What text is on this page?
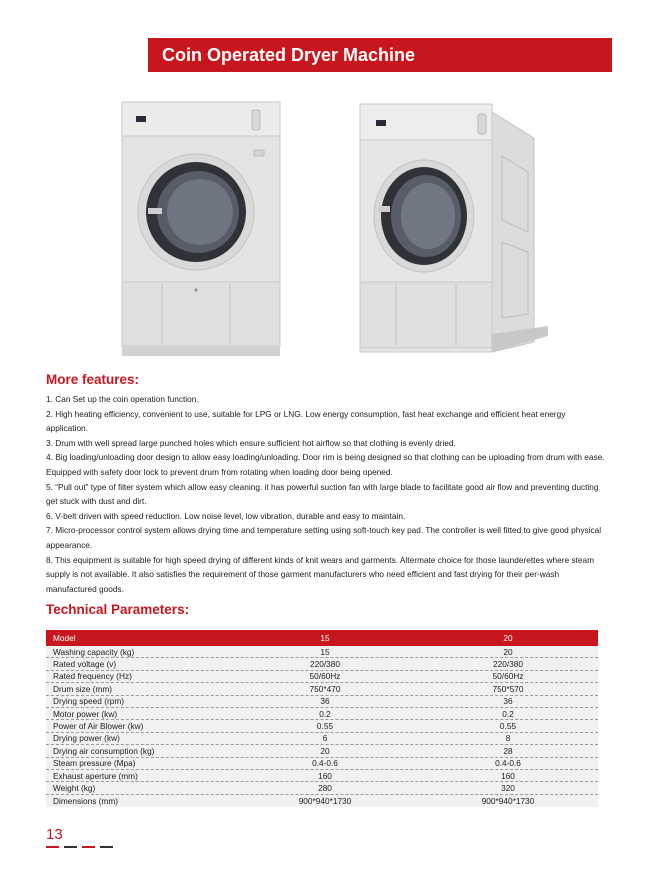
Coin Operated Dryer Machine
More features:

1. Can Set up the coin operation function.

2. High heating efficiency, convenient to use, suitable for LPG or LNG. Low energy consumption, fast heat exchange and efficient heat energy application.

3. Drum with well spread large punched holes which ensure sufficient hot airflow so that clothing is evenly dried.

4. Big loading/unloading door design to allow easy loading/unloading. Door rim is being designed so that clothing can be uploading from drum with ease. Equipped with safety door lock to prevent drum from rotating when loading door being opened.

5. “Pull out” type of filter system which allow easy cleaning. it has powerful suction fan with large blade to facilitate good air flow and preventing ducting get stuck with dust and dirt.

6. V-belt driven with speed reduction. Low noise level, low vibration, durable and easy to maintain.

7. Micro-processor control system allows drying time and temperature setting using soft-touch key pad. The controller is well fitted to give good physical appearance.

8. This equipment is suitable for high speed drying of different kinds of knit wears and garments. Altermate choice for those launderettes where steam supply is not available. It also satisfies the requirement of those garment manufacturers who need efficient and fast drying for their per-wash manufactured goods.

Technical Parameters:
Model	15	20
Washing capacity (kg)	15	20
Rated voltage (v)	220/380	220/380
Rated frequency (Hz)	50/60Hz	50/60Hz
Drum size (mm)	750*470	750*570
Drying speed (rpm)	36	36
Motor power (kw)	0.2	0.2
Power of Air Blower (kw)	0.55	0.55
Drying power (kw)	6	8
Drying air consumption (kg)	20	28
Steam pressure (Mpa)	0.4-0.6	0.4-0.6
Exhaust aperture (mm)	160	160
Weight (kg)	280	320
Dimensions (mm)	900*940*1730	900*940*1730
13
